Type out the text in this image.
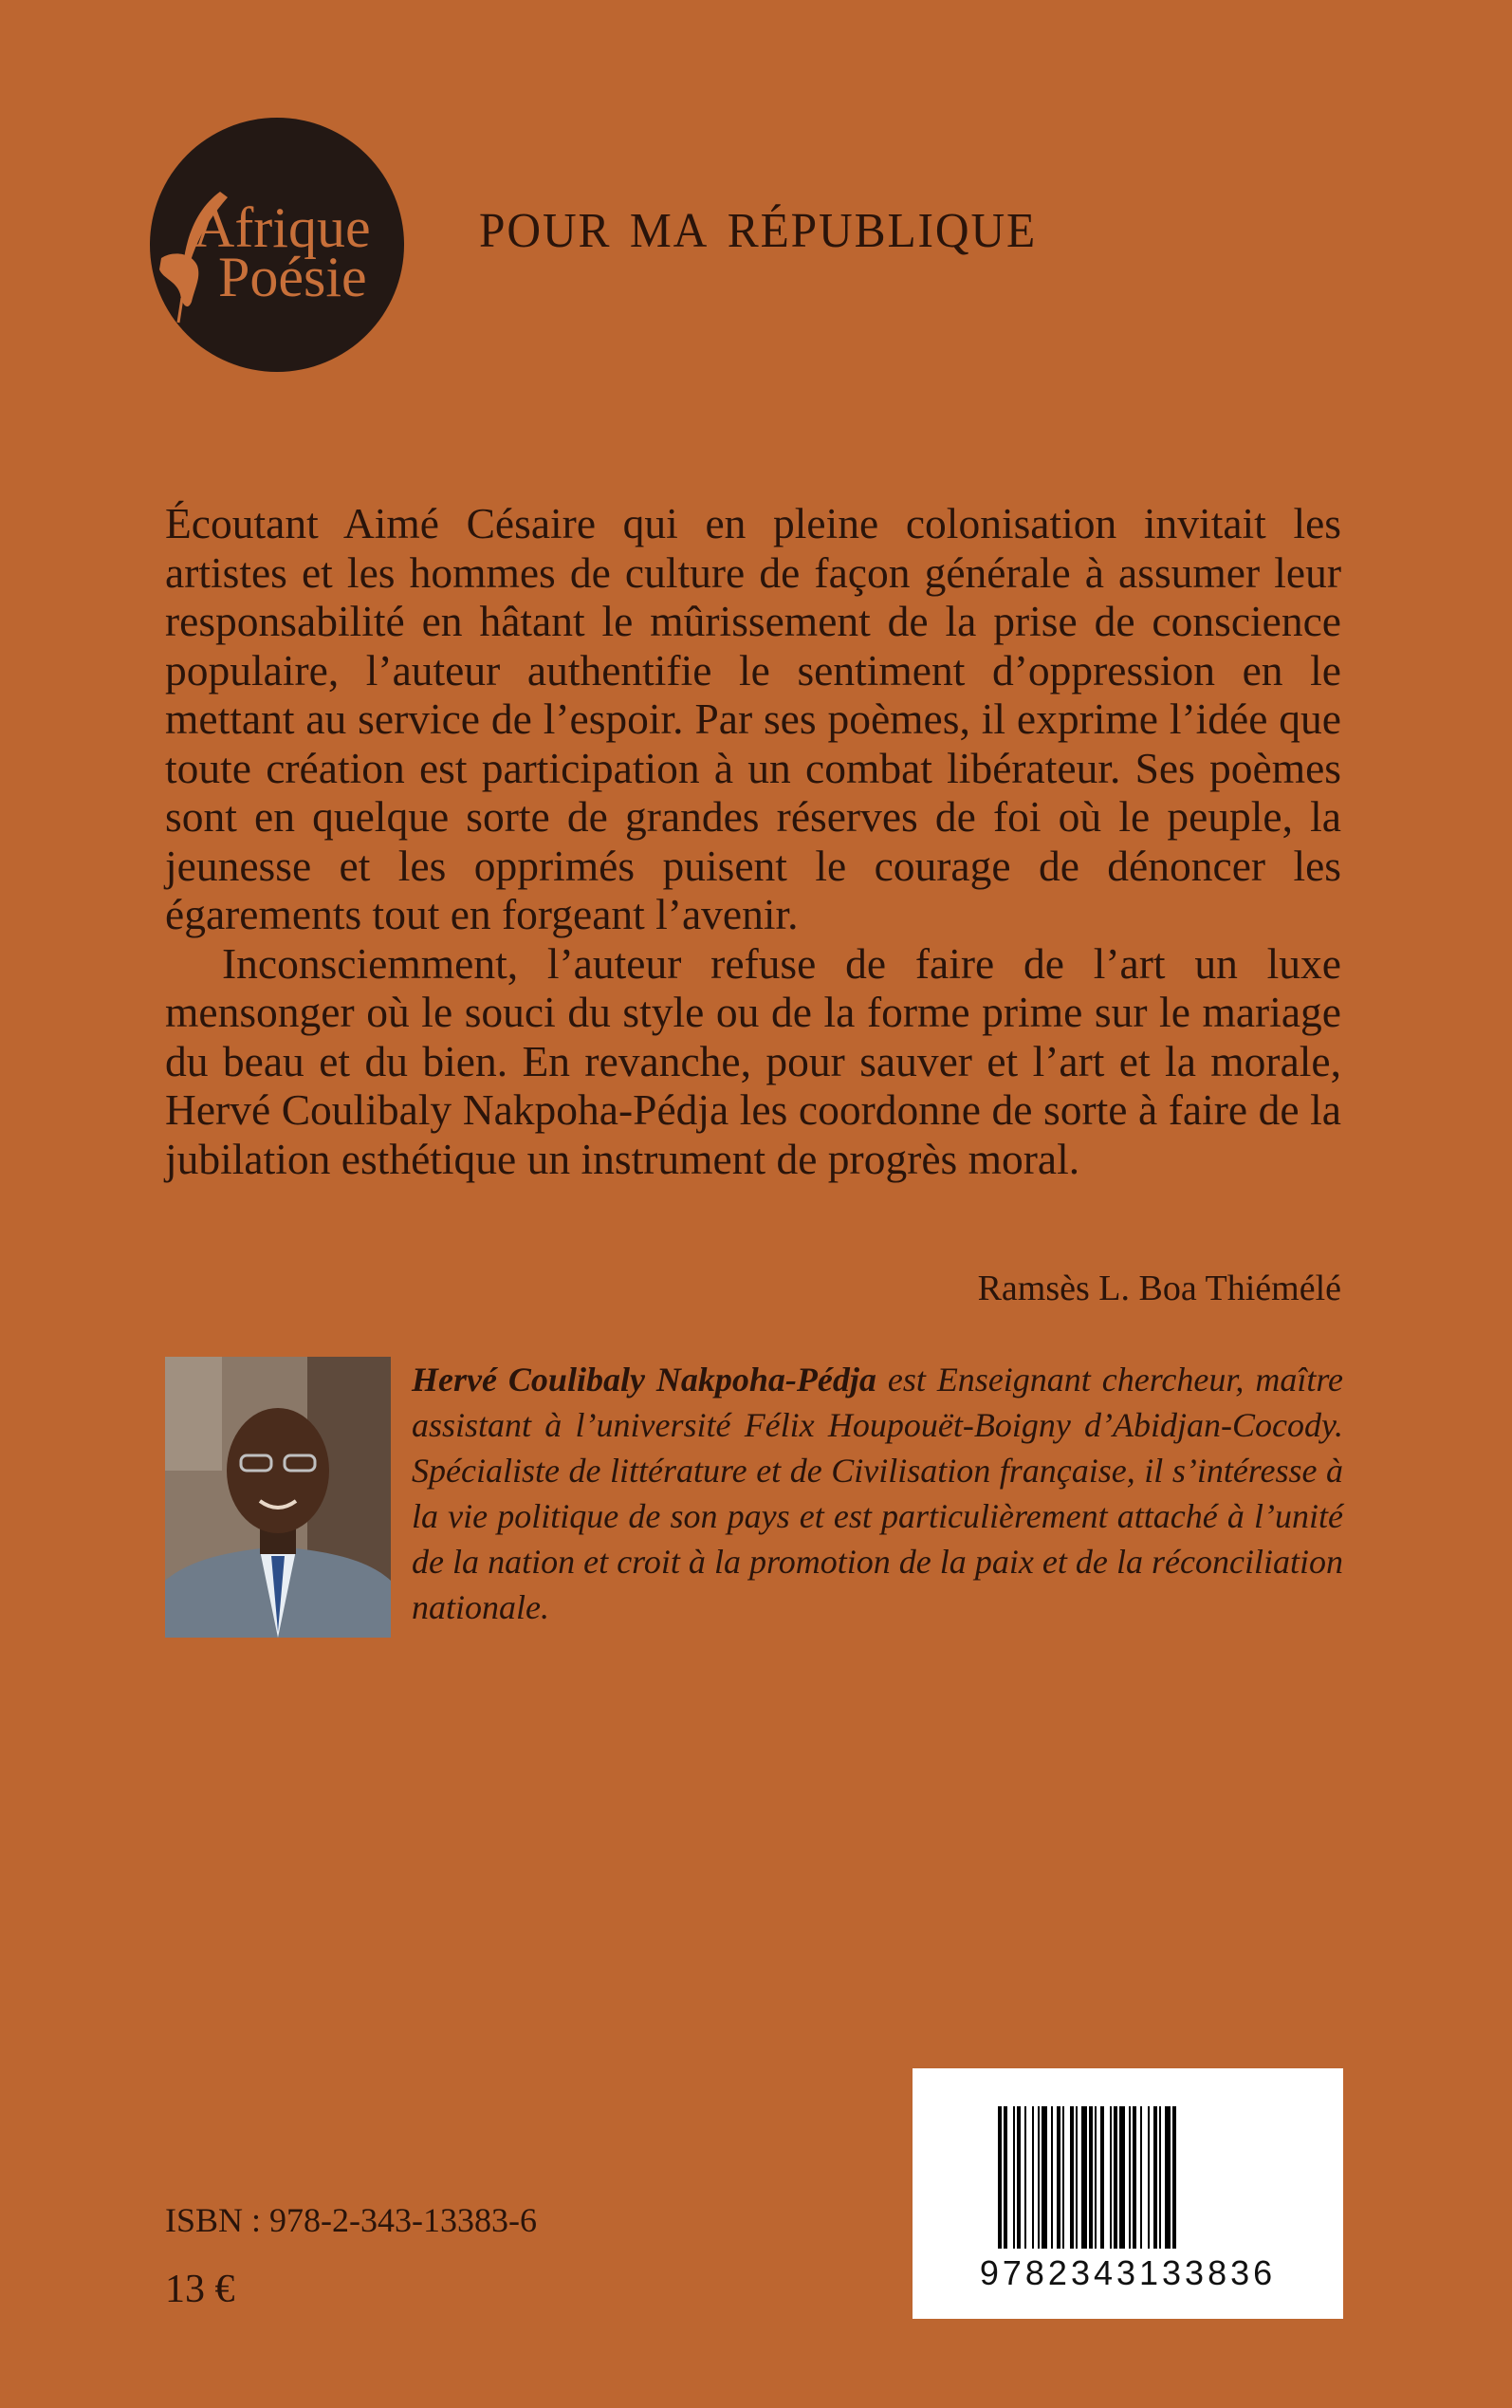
Afrique
Poésie
pour ma république

Écoutant Aimé Césaire qui en pleine colonisation invitait les artistes et les hommes de culture de façon générale à assumer leur responsabilité en hâtant le mûrissement de la prise de conscience populaire, l’auteur authentifie le sentiment d’oppression en le mettant au service de l’espoir. Par ses poèmes, il exprime l’idée que toute création est participation à un combat libérateur. Ses poèmes sont en quelque sorte de grandes réserves de foi où le peuple, la jeunesse et les opprimés puisent le courage de dénoncer les égarements tout en forgeant l’avenir.

Inconsciemment, l’auteur refuse de faire de l’art un luxe mensonger où le souci du style ou de la forme prime sur le mariage du beau et du bien. En revanche, pour sauver et l’art et la morale, Hervé Coulibaly Nakpoha-Pédja les coordonne de sorte à faire de la jubilation esthétique un instrument de progrès moral.

Ramsès L. Boa Thiémélé
Hervé Coulibaly Nakpoha-Pédja est Enseignant chercheur, maître assistant à l’université Félix Houpouët-Boigny d’Abidjan-Cocody. Spécialiste de littérature et de Civilisation française, il s’intéresse à la vie politique de son pays et est particulièrement attaché à l’unité de la nation et croit à la promotion de la paix et de la réconciliation nationale.
ISBN : 978-2-343-13383-6
13 €	9782343133836
